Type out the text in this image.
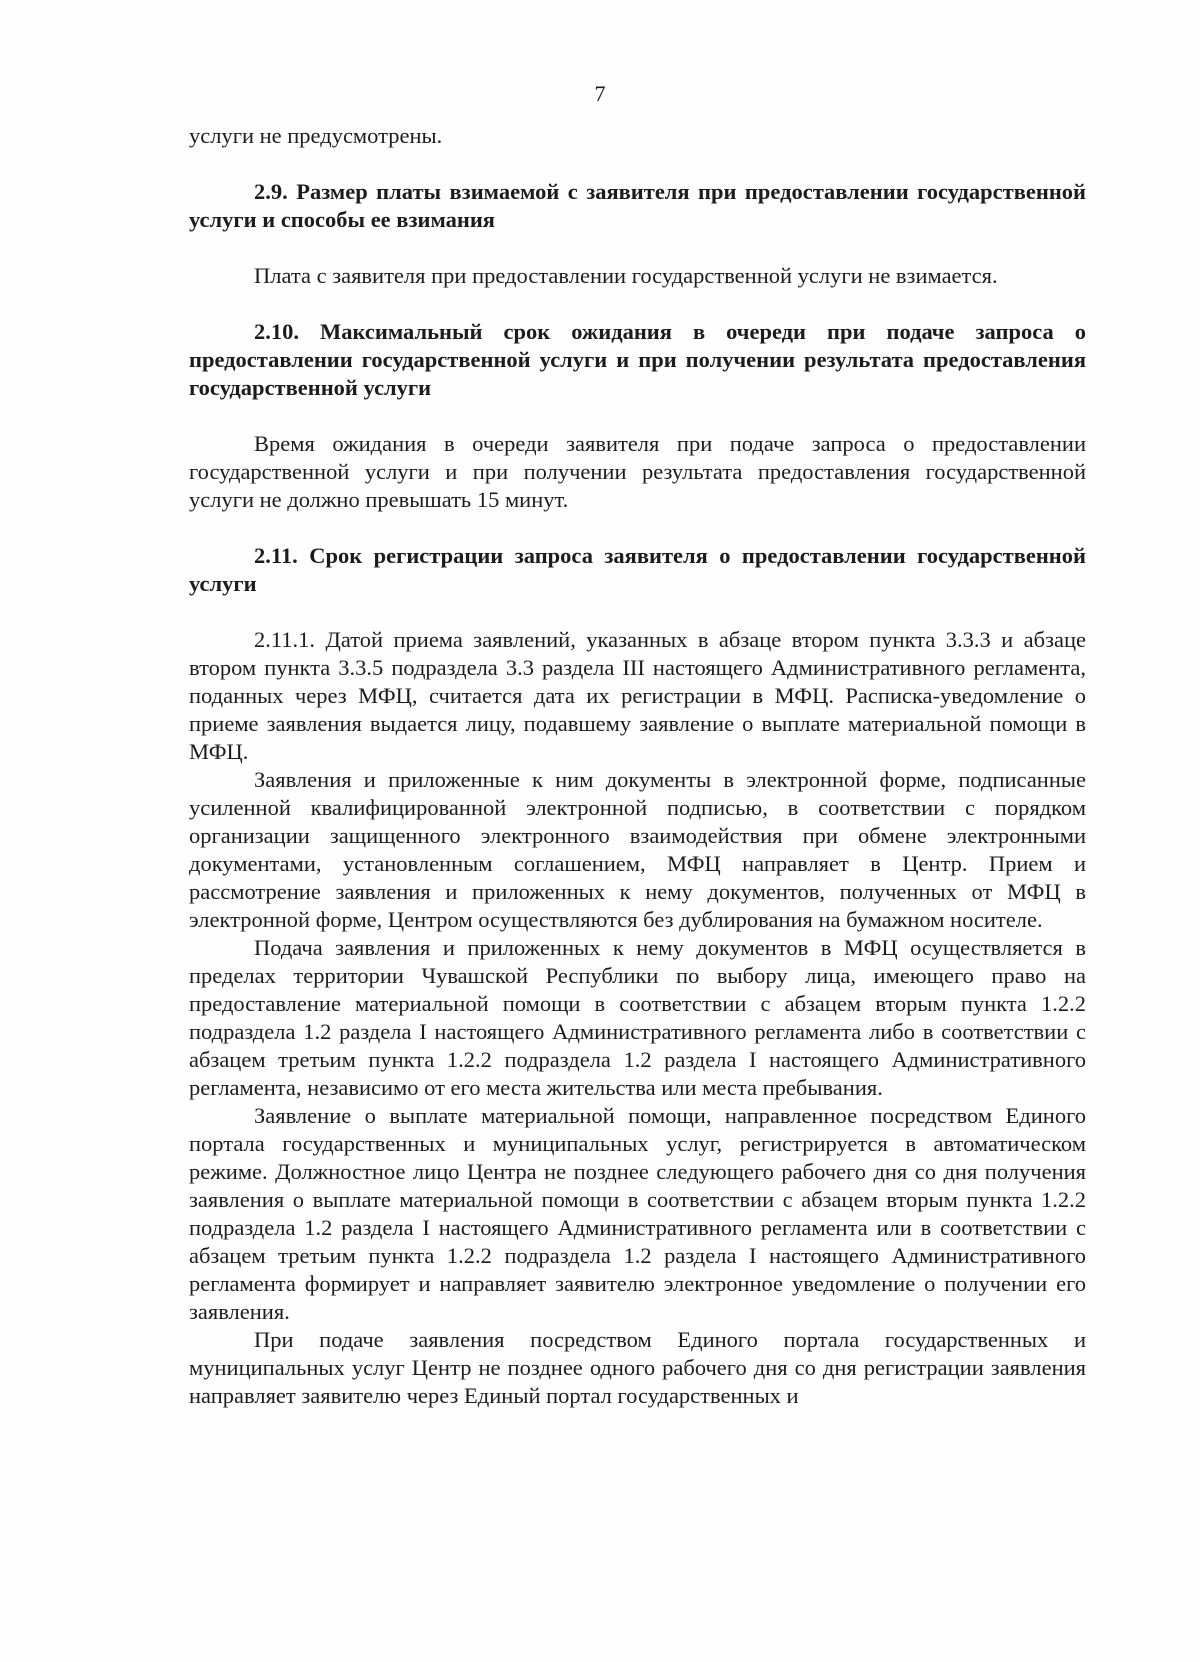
7

услуги не предусмотрены.

2.9. Размер платы взимаемой с заявителя при предоставлении государственной услуги и способы ее взимания

Плата с заявителя при предоставлении государственной услуги не взимается.

2.10. Максимальный срок ожидания в очереди при подаче запроса о предоставлении государственной услуги и при получении результата предоставления государственной услуги

Время ожидания в очереди заявителя при подаче запроса о предоставлении государственной услуги и при получении результата предоставления государственной услуги не должно превышать 15 минут.

2.11. Срок регистрации запроса заявителя о предоставлении государственной услуги

2.11.1. Датой приема заявлений, указанных в абзаце втором пункта 3.3.3 и абзаце втором пункта 3.3.5 подраздела 3.3 раздела III настоящего Административного регламента, поданных через МФЦ, считается дата их регистрации в МФЦ. Расписка-уведомление о приеме заявления выдается лицу, подавшему заявление о выплате материальной помощи в МФЦ.

Заявления и приложенные к ним документы в электронной форме, подписанные усиленной квалифицированной электронной подписью, в соответствии с порядком организации защищенного электронного взаимодействия при обмене электронными документами, установленным соглашением, МФЦ направляет в Центр. Прием и рассмотрение заявления и приложенных к нему документов, полученных от МФЦ в электронной форме, Центром осуществляются без дублирования на бумажном носителе.

Подача заявления и приложенных к нему документов в МФЦ осуществляется в пределах территории Чувашской Республики по выбору лица, имеющего право на предоставление материальной помощи в соответствии с абзацем вторым пункта 1.2.2 подраздела 1.2 раздела I настоящего Административного регламента либо в соответствии с абзацем третьим пункта 1.2.2 подраздела 1.2 раздела I настоящего Административного регламента, независимо от его места жительства или места пребывания.

Заявление о выплате материальной помощи, направленное посредством Единого портала государственных и муниципальных услуг, регистрируется в автоматическом режиме. Должностное лицо Центра не позднее следующего рабочего дня со дня получения заявления о выплате материальной помощи в соответствии с абзацем вторым пункта 1.2.2 подраздела 1.2 раздела I настоящего Административного регламента или в соответствии с абзацем третьим пункта 1.2.2 подраздела 1.2 раздела I настоящего Административного регламента формирует и направляет заявителю электронное уведомление о получении его заявления.

При подаче заявления посредством Единого портала государственных и муниципальных услуг Центр не позднее одного рабочего дня со дня регистрации заявления направляет заявителю через Единый портал государственных и
